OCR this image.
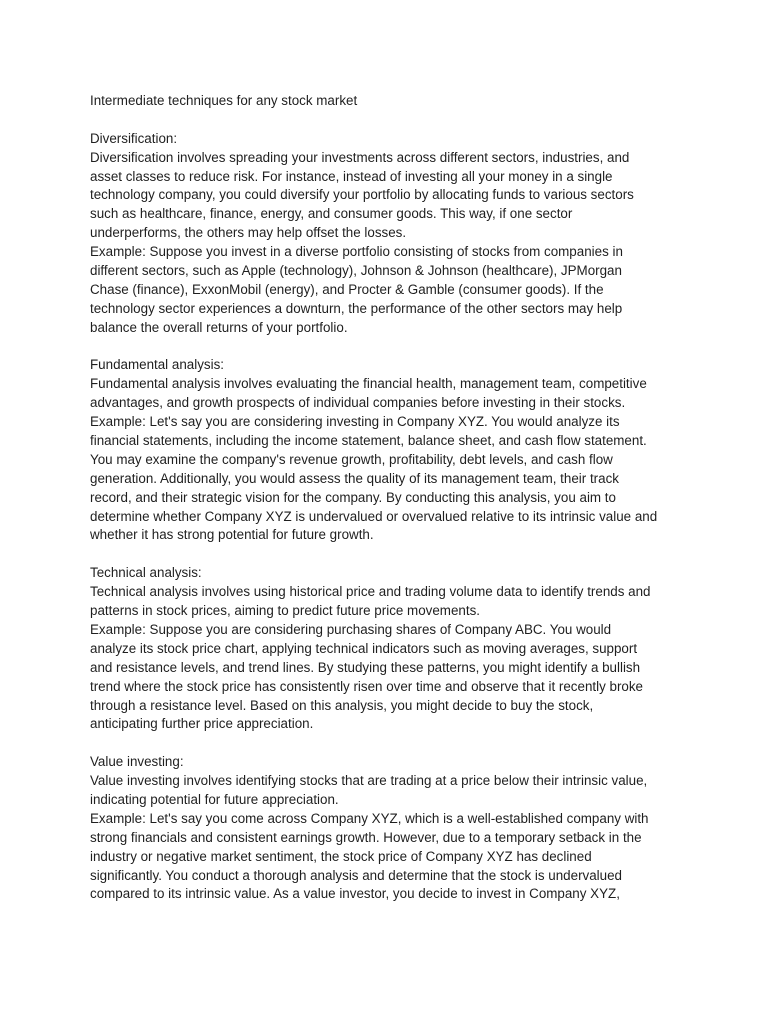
Intermediate techniques for any stock market
Diversification:
Diversification involves spreading your investments across different sectors, industries, and
asset classes to reduce risk. For instance, instead of investing all your money in a single
technology company, you could diversify your portfolio by allocating funds to various sectors
such as healthcare, finance, energy, and consumer goods. This way, if one sector
underperforms, the others may help offset the losses.
Example: Suppose you invest in a diverse portfolio consisting of stocks from companies in
different sectors, such as Apple (technology), Johnson & Johnson (healthcare), JPMorgan
Chase (finance), ExxonMobil (energy), and Procter & Gamble (consumer goods). If the
technology sector experiences a downturn, the performance of the other sectors may help
balance the overall returns of your portfolio.
Fundamental analysis:
Fundamental analysis involves evaluating the financial health, management team, competitive
advantages, and growth prospects of individual companies before investing in their stocks.
Example: Let's say you are considering investing in Company XYZ. You would analyze its
financial statements, including the income statement, balance sheet, and cash flow statement.
You may examine the company's revenue growth, profitability, debt levels, and cash flow
generation. Additionally, you would assess the quality of its management team, their track
record, and their strategic vision for the company. By conducting this analysis, you aim to
determine whether Company XYZ is undervalued or overvalued relative to its intrinsic value and
whether it has strong potential for future growth.
Technical analysis:
Technical analysis involves using historical price and trading volume data to identify trends and
patterns in stock prices, aiming to predict future price movements.
Example: Suppose you are considering purchasing shares of Company ABC. You would
analyze its stock price chart, applying technical indicators such as moving averages, support
and resistance levels, and trend lines. By studying these patterns, you might identify a bullish
trend where the stock price has consistently risen over time and observe that it recently broke
through a resistance level. Based on this analysis, you might decide to buy the stock,
anticipating further price appreciation.
Value investing:
Value investing involves identifying stocks that are trading at a price below their intrinsic value,
indicating potential for future appreciation.
Example: Let's say you come across Company XYZ, which is a well-established company with
strong financials and consistent earnings growth. However, due to a temporary setback in the
industry or negative market sentiment, the stock price of Company XYZ has declined
significantly. You conduct a thorough analysis and determine that the stock is undervalued
compared to its intrinsic value. As a value investor, you decide to invest in Company XYZ,
